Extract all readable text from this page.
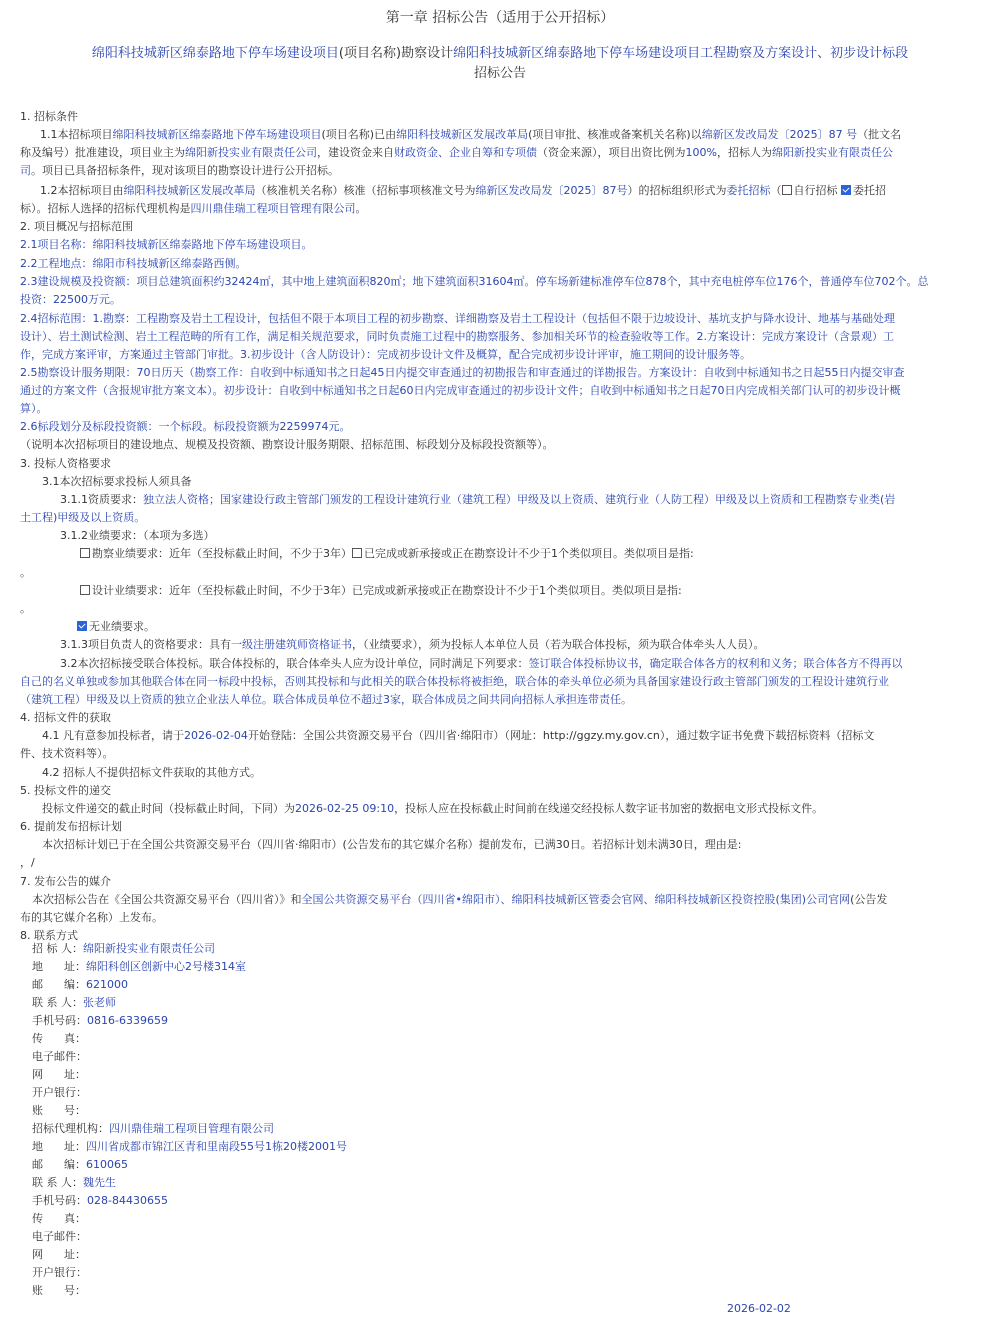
第一章 招标公告（适用于公开招标）
绵阳科技城新区绵泰路地下停车场建设项目(项目名称)勘察设计绵阳科技城新区绵泰路地下停车场建设项目工程勘察及方案设计、初步设计标段
招标公告
1. 招标条件
1.1本招标项目绵阳科技城新区绵泰路地下停车场建设项目(项目名称)已由绵阳科技城新区发展改革局(项目审批、核准或备案机关名称)以绵新区发改局发〔2025〕87 号（批文名
称及编号）批准建设，项目业主为绵阳新投实业有限责任公司，建设资金来自财政资金、企业自筹和专项债（资金来源），项目出资比例为100%，招标人为绵阳新投实业有限责任公
司。项目已具备招标条件，现对该项目的勘察设计进行公开招标。
1.2本招标项目由绵阳科技城新区发展改革局（核准机关名称）核准（招标事项核准文号为绵新区发改局发〔2025〕87号）的招标组织形式为委托招标（ 自行招标 委托招
标）。招标人选择的招标代理机构是四川鼎佳瑞工程项目管理有限公司。
2. 项目概况与招标范围
2.1项目名称：绵阳科技城新区绵泰路地下停车场建设项目。
2.2工程地点：绵阳市科技城新区绵泰路西侧。
2.3建设规模及投资额：项目总建筑面积约32424㎡，其中地上建筑面积820㎡；地下建筑面积31604㎡。停车场新建标准停车位878个，其中充电桩停车位176个，普通停车位702个。总
投资：22500万元。
2.4招标范围：1.勘察：工程勘察及岩土工程设计，包括但不限于本项目工程的初步勘察、详细勘察及岩土工程设计（包括但不限于边坡设计、基坑支护与降水设计、地基与基础处理
设计）、岩土测试检测、岩土工程范畴的所有工作，满足相关规范要求，同时负责施工过程中的勘察服务、参加相关环节的检查验收等工作。2.方案设计：完成方案设计（含景观）工
作，完成方案评审，方案通过主管部门审批。3.初步设计（含人防设计）：完成初步设计文件及概算，配合完成初步设计评审，施工期间的设计服务等。
2.5勘察设计服务期限：70日历天（勘察工作：自收到中标通知书之日起45日内提交审查通过的初勘报告和审查通过的详勘报告。方案设计：自收到中标通知书之日起55日内提交审查
通过的方案文件（含报规审批方案文本）。初步设计：自收到中标通知书之日起60日内完成审查通过的初步设计文件；自收到中标通知书之日起70日内完成相关部门认可的初步设计概
算）。
2.6标段划分及标段投资额：一个标段。标段投资额为2259974元。
（说明本次招标项目的建设地点、规模及投资额、勘察设计服务期限、招标范围、标段划分及标段投资额等）。
3. 投标人资格要求
3.1本次招标要求投标人须具备
3.1.1资质要求：独立法人资格；国家建设行政主管部门颁发的工程设计建筑行业（建筑工程）甲级及以上资质、建筑行业（人防工程）甲级及以上资质和工程勘察专业类(岩
土工程)甲级及以上资质。
3.1.2业绩要求：（本项为多选）
勘察业绩要求：近年（至投标截止时间，不少于3年） 已完成或新承接或正在勘察设计不少于1个类似项目。类似项目是指:
。
设计业绩要求：近年（至投标截止时间，不少于3年）已完成或新承接或正在勘察设计不少于1个类似项目。类似项目是指:
。
无业绩要求。
3.1.3项目负责人的资格要求：具有一级注册建筑师资格证书，（业绩要求），须为投标人本单位人员（若为联合体投标，须为联合体牵头人人员）。
3.2本次招标接受联合体投标。联合体投标的，联合体牵头人应为设计单位，同时满足下列要求：签订联合体投标协议书，确定联合体各方的权利和义务；联合体各方不得再以
自己的名义单独或参加其他联合体在同一标段中投标，否则其投标和与此相关的联合体投标将被拒绝，联合体的牵头单位必须为具备国家建设行政主管部门颁发的工程设计建筑行业
（建筑工程）甲级及以上资质的独立企业法人单位。联合体成员单位不超过3家，联合体成员之间共同向招标人承担连带责任。
4. 招标文件的获取
4.1 凡有意参加投标者，请于2026-02-04开始登陆：全国公共资源交易平台（四川省·绵阳市）（网址：http://ggzy.my.gov.cn），通过数字证书免费下载招标资料（招标文
件、技术资料等）。
4.2 招标人不提供招标文件获取的其他方式。
5. 投标文件的递交
投标文件递交的截止时间（投标截止时间，下同）为2026-02-25 09:10，投标人应在投标截止时间前在线递交经投标人数字证书加密的数据电文形式投标文件。
6. 提前发布招标计划
本次招标计划已于在全国公共资源交易平台（四川省·绵阳市）(公告发布的其它媒介名称）提前发布，已满30日。若招标计划未满30日，理由是:
，/
7. 发布公告的媒介
本次招标公告在《全国公共资源交易平台（四川省）》和全国公共资源交易平台（四川省•绵阳市）、绵阳科技城新区管委会官网、绵阳科技城新区投资控股(集团)公司官网(公告发
布的其它媒介名称）上发布。
8. 联系方式
招 标 人：绵阳新投实业有限责任公司
地      址：绵阳科创区创新中心2号楼314室
邮      编：621000
联 系 人：张老师
手机号码：0816-6339659
传      真：
电子邮件：
网      址：
开户银行：
账      号：
招标代理机构：四川鼎佳瑞工程项目管理有限公司
地      址：四川省成都市锦江区青和里南段55号1栋20楼2001号
邮      编：610065
联 系 人：魏先生
手机号码：028-84430655
传      真：
电子邮件：
网      址：
开户银行：
账      号：
2026-02-02
